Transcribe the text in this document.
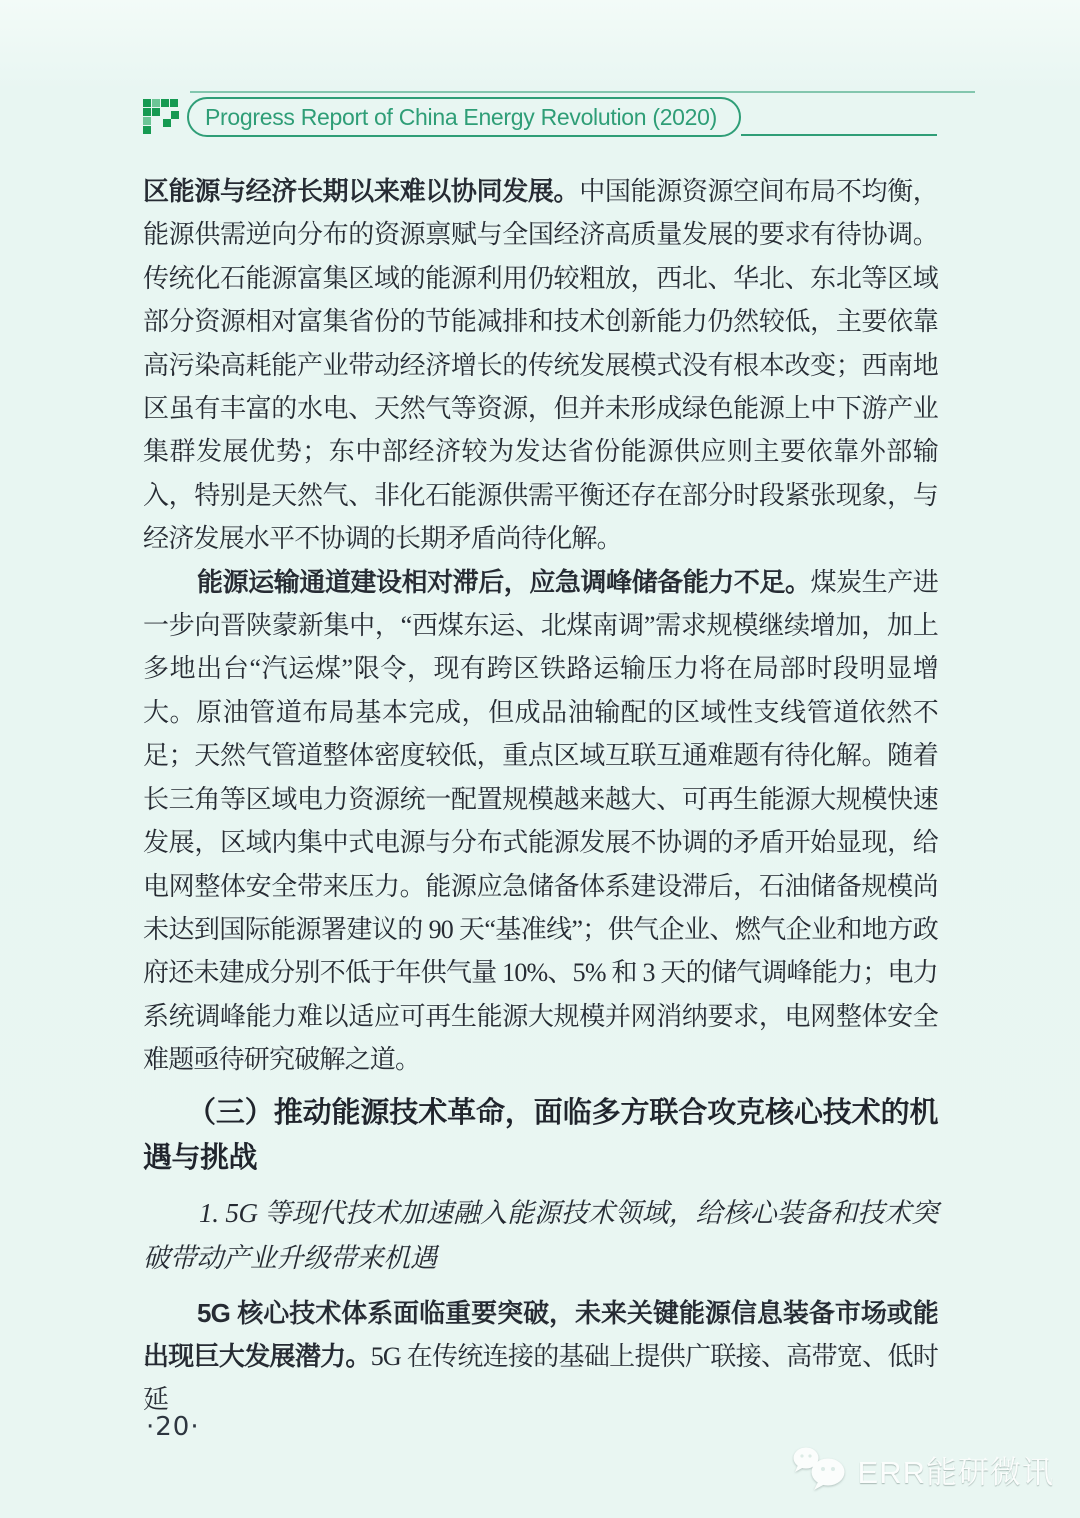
Progress Report of China Energy Revolution (2020)

区能源与经济长期以来难以协同发展。中国能源资源空间布局不均衡，能源供需逆向分布的资源禀赋与全国经济高质量发展的要求有待协调。传统化石能源富集区域的能源利用仍较粗放，西北、华北、东北等区域部分资源相对富集省份的节能减排和技术创新能力仍然较低，主要依靠高污染高耗能产业带动经济增长的传统发展模式没有根本改变；西南地区虽有丰富的水电、天然气等资源，但并未形成绿色能源上中下游产业集群发展优势；东中部经济较为发达省份能源供应则主要依靠外部输入，特别是天然气、非化石能源供需平衡还存在部分时段紧张现象，与经济发展水平不协调的长期矛盾尚待化解。

能源运输通道建设相对滞后，应急调峰储备能力不足。煤炭生产进一步向晋陕蒙新集中，“西煤东运、北煤南调”需求规模继续增加，加上多地出台“汽运煤”限令，现有跨区铁路运输压力将在局部时段明显增大。原油管道布局基本完成，但成品油输配的区域性支线管道依然不足；天然气管道整体密度较低，重点区域互联互通难题有待化解。随着长三角等区域电力资源统一配置规模越来越大、可再生能源大规模快速发展，区域内集中式电源与分布式能源发展不协调的矛盾开始显现，给电网整体安全带来压力。能源应急储备体系建设滞后，石油储备规模尚未达到国际能源署建议的 90 天“基准线”；供气企业、燃气企业和地方政府还未建成分别不低于年供气量 10%、5% 和 3 天的储气调峰能力；电力系统调峰能力难以适应可再生能源大规模并网消纳要求，电网整体安全难题亟待研究破解之道。

（三）推动能源技术革命，面临多方联合攻克核心技术的机遇与挑战
1. 5G 等现代技术加速融入能源技术领域，给核心装备和技术突破带动产业升级带来机遇

5G 核心技术体系面临重要突破，未来关键能源信息装备市场或能出现巨大发展潜力。5G 在传统连接的基础上提供广联接、高带宽、低时延

·20·
ERR能研微讯
